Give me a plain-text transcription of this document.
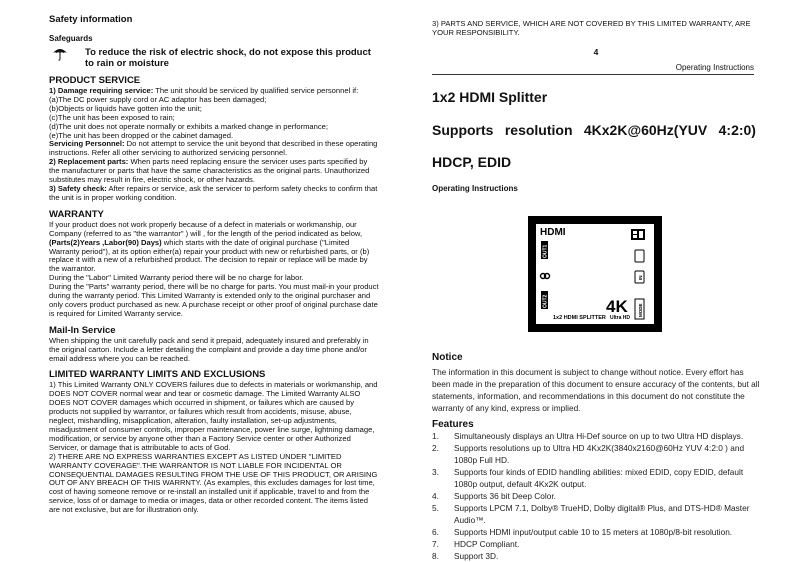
Safety information
Safeguards
To reduce the risk of electric shock, do not expose this product to rain or moisture
PRODUCT SERVICE

1) Damage requiring service: The unit should be serviced by qualified service personnel if:

(a)The DC power supply cord or AC adaptor has been damaged;

(b)Objects or liquids have gotten into the unit;

(c)The unit has been exposed to rain;

(d)The unit does not operate normally or exhibits a marked change in performance;

(e)The unit has been dropped or the cabinet damaged.

Servicing Personnel: Do not attempt to service the unit beyond that described in these operating instructions. Refer all other servicing to authorized servicing personnel.

2) Replacement parts: When parts need replacing ensure the servicer uses parts specified by the manufacturer or parts that have the same characteristics as the original parts. Unauthorized substitutes may result in fire, electric shock, or other hazards.

3) Safety check: After repairs or service, ask the servicer to perform safety checks to confirm that the unit is in proper working condition.

WARRANTY

If your product does not work properly because of a defect in materials or workmanship, our Company (referred to as "the warrantor" ) will , for the length of the period indicated as below, (Parts(2)Years ,Labor(90) Days) which starts with the date of original purchase ("Limited Warranty period"), at its option either(a) repair your product with new or refurbished parts, or (b) replace it with a new of a refurbished product. The decision to repair or replace will be made by the warrantor.

During the "Labor" Limited Warranty period there will be no charge for labor.

During the "Parts" warranty period, there will be no charge for parts. You must mail-in your product during the warranty period. This Limited Warranty is extended only to the original purchaser and only covers product purchased as new. A purchase receipt or other proof of original purchase date is required for Limited Warranty service.

Mail-In Service

When shipping the unit carefully pack and send it prepaid, adequately insured and preferably in the original carton. Include a letter detailing the complaint and provide a day time phone and/or email address where you can be reached.

LIMITED WARRANTY LIMITS AND EXCLUSIONS

1) This Limited Warranty ONLY COVERS failures due to defects in materials or workmanship, and DOES NOT COVER normal wear and tear or cosmetic damage. The Limited Warranty ALSO DOES NOT COVER damages which occurred in shipment, or failures which are caused by products not supplied by warrantor, or failures which result from accidents, misuse, abuse, neglect, mishandling, misapplication, alteration, faulty installation, set-up adjustments, misadjustment of consumer controls, improper maintenance, power line surge, lightning damage, modification, or service by anyone other than a Factory Service center or other Authorized Servicer, or damage that is attributable to acts of God.

2) THERE ARE NO EXPRESS WARRANTIES EXCEPT AS LISTED UNDER "LIMITED WARRANTY COVERAGE".THE WARRANTOR IS NOT LIABLE FOR INCIDENTAL OR CONSEQUENTIAL DAMAGES RESULTING FROM THE USE OF THIS PRODUCT, OR ARISING OUT OF ANY BREACH OF THIS WARRNTY. (As examples, this excludes damages for lost time, cost of having someone remove or re-install an installed unit if applicable, travel to and from the service, loss of or damage to media or images, data or other recorded content. The items listed are not exclusive, but are for illustration only.

3) PARTS AND SERVICE, WHICH ARE NOT COVERED BY THIS LIMITED WARRANTY, ARE YOUR RESPONSIBILITY.

4
Operating Instructions
1x2 HDMI Splitter
Supports resolution 4Kx2K@60Hz(YUV 4:2:0)
HDCP, EDID
Operating Instructions
HDMI
OUT1
OUT2
IN
4K
Ultra HD
MODE
1x2 HDMI SPLITTER
Notice
The information in this document is subject to change without notice. Every effort has been made in the preparation of this document to ensure accuracy of the contents, but all statements, information, and recommendations in this document do not constitute the warranty of any kind, express or implied.
Features
1.	Simultaneously displays an Ultra Hi-Def source on up to two Ultra HD displays.
2.	Supports resolutions up to Ultra HD 4Kx2K(3840x2160@60Hz YUV 4:2:0 ) and 1080p Full HD.
3.	Supports four kinds of EDID handling abilities: mixed EDID, copy EDID, default 1080p output, default 4Kx2K output.
4.	Supports 36 bit Deep Color.
5.	Supports LPCM 7.1, Dolby® TrueHD, Dolby digital® Plus, and DTS-HD® Master Audio™.
6.	Supports HDMI input/output cable 10 to 15 meters at 1080p/8-bit resolution.
7.	HDCP Compliant.
8.	Support 3D.
